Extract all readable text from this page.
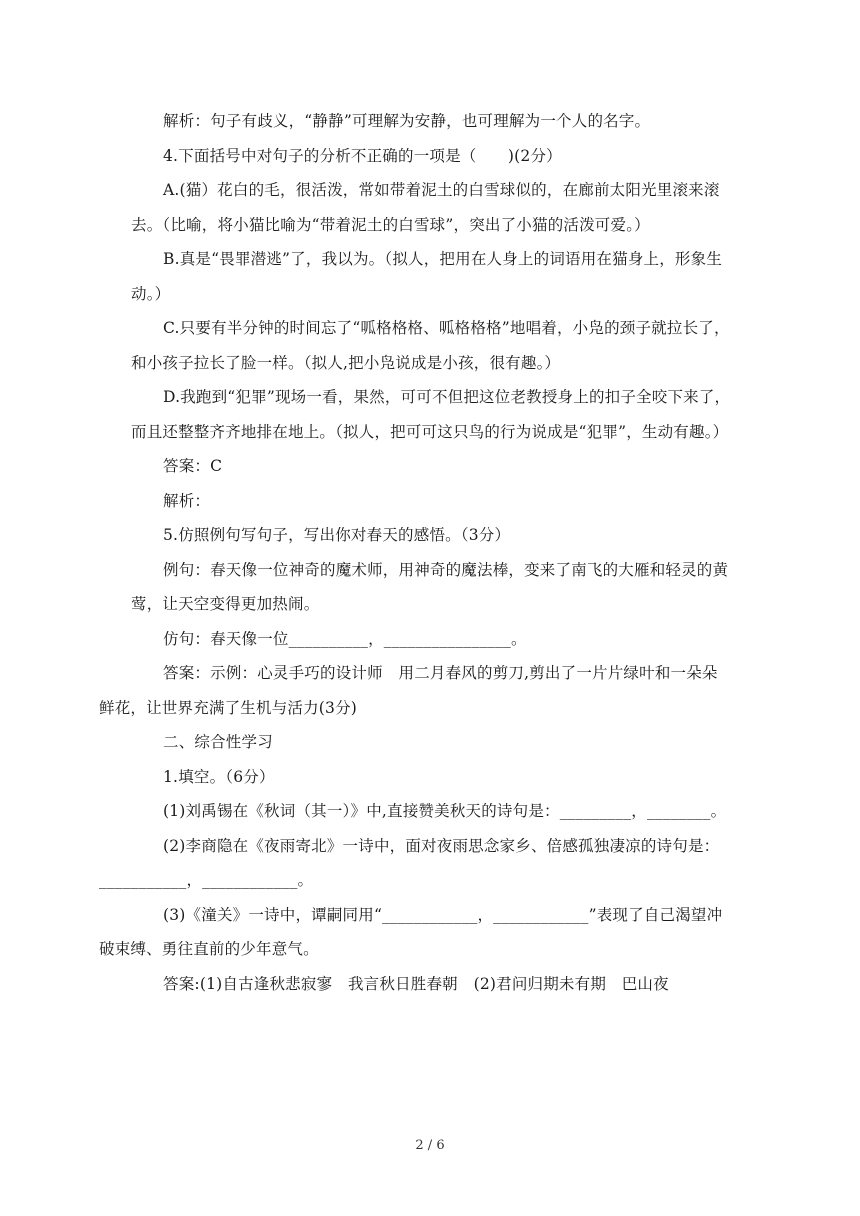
解析：句子有歧义，“静静”可理解为安静，也可理解为一个人的名字。

4.下面括号中对句子的分析不正确的一项是（　　)(2分）

A.(猫）花白的毛，很活泼，常如带着泥土的白雪球似的，在廊前太阳光里滚来滚去。（比喻，将小猫比喻为“带着泥土的白雪球”，突出了小猫的活泼可爱。）

B.真是“畏罪潜逃”了，我以为。（拟人，把用在人身上的词语用在猫身上，形象生动。）

C.只要有半分钟的时间忘了“呱格格格、呱格格格”地唱着，小凫的颈子就拉长了，和小孩子拉长了脸一样。（拟人,把小凫说成是小孩，很有趣。）

D.我跑到“犯罪”现场一看，果然，可可不但把这位老教授身上的扣子全咬下来了，而且还整整齐齐地排在地上。（拟人，把可可这只鸟的行为说成是“犯罪”，生动有趣。）

答案：C

解析：

5.仿照例句写句子，写出你对春天的感悟。（3分）

例句：春天像一位神奇的魔术师，用神奇的魔法棒，变来了南飞的大雁和轻灵的黄莺，让天空变得更加热闹。

仿句：春天像一位__________，________________。

答案：示例：心灵手巧的设计师　用二月春风的剪刀,剪出了一片片绿叶和一朵朵鲜花，让世界充满了生机与活力(3分)

二、综合性学习

1.填空。（6分）

(1)刘禹锡在《秋词（其一）》中,直接赞美秋天的诗句是：_________，________。

(2)李商隐在《夜雨寄北》一诗中，面对夜雨思念家乡、倍感孤独凄凉的诗句是：___________，____________。

(3)《潼关》一诗中，谭嗣同用“____________，____________”表现了自己渴望冲破束缚、勇往直前的少年意气。

答案:(1)自古逢秋悲寂寥　我言秋日胜春朝　(2)君问归期未有期　巴山夜

2 / 6
